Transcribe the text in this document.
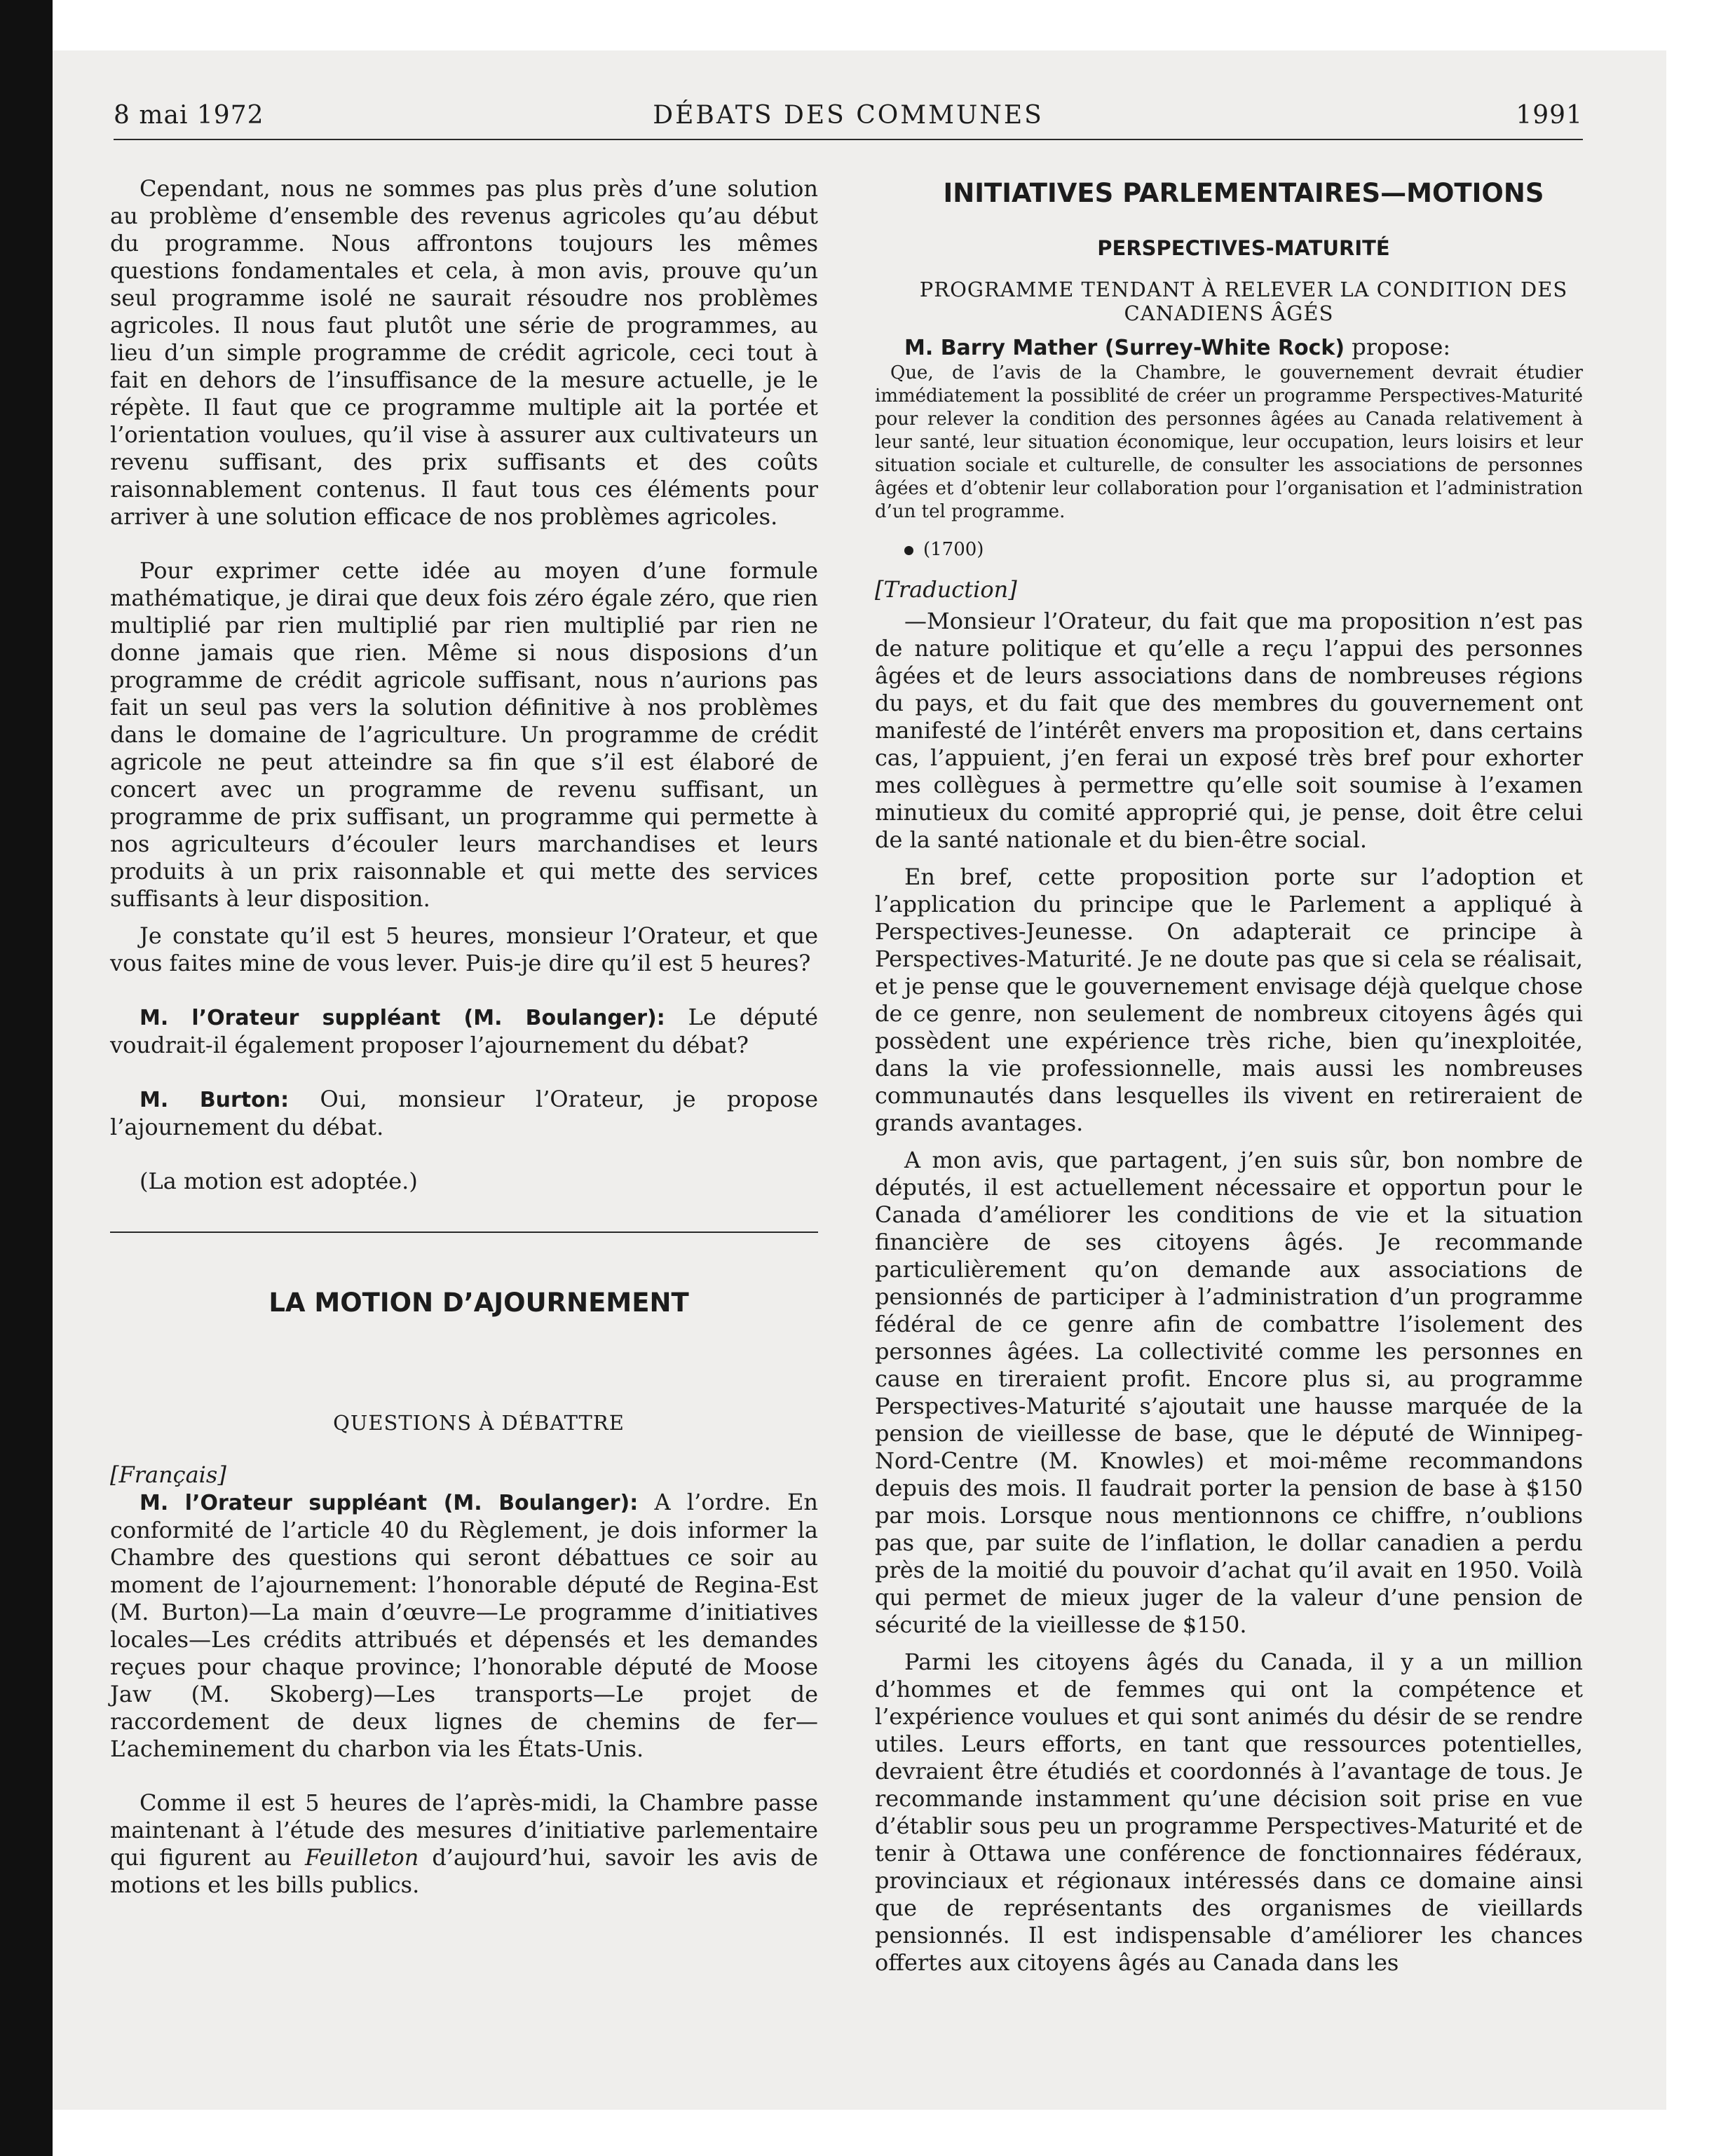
8 mai 1972	DÉBATS DES COMMUNES	1991

Cependant, nous ne sommes pas plus près d’une solution au problème d’ensemble des revenus agricoles qu’au début du programme. Nous affrontons toujours les mêmes questions fondamentales et cela, à mon avis, prouve qu’un seul programme isolé ne saurait résoudre nos problèmes agricoles. Il nous faut plutôt une série de programmes, au lieu d’un simple programme de crédit agricole, ceci tout à fait en dehors de l’insuffisance de la mesure actuelle, je le répète. Il faut que ce programme multiple ait la portée et l’orientation voulues, qu’il vise à assurer aux cultivateurs un revenu suffisant, des prix suffisants et des coûts raisonnablement contenus. Il faut tous ces éléments pour arriver à une solution efficace de nos problèmes agricoles.

Pour exprimer cette idée au moyen d’une formule mathématique, je dirai que deux fois zéro égale zéro, que rien multiplié par rien multiplié par rien multiplié par rien ne donne jamais que rien. Même si nous disposions d’un programme de crédit agricole suffisant, nous n’aurions pas fait un seul pas vers la solution définitive à nos problèmes dans le domaine de l’agriculture. Un programme de crédit agricole ne peut atteindre sa fin que s’il est élaboré de concert avec un programme de revenu suffisant, un programme de prix suffisant, un programme qui permette à nos agriculteurs d’écouler leurs marchandises et leurs produits à un prix raisonnable et qui mette des services suffisants à leur disposition.

Je constate qu’il est 5 heures, monsieur l’Orateur, et que vous faites mine de vous lever. Puis-je dire qu’il est 5 heures?

M. l’Orateur suppléant (M. Boulanger): Le député voudrait-il également proposer l’ajournement du débat?

M. Burton: Oui, monsieur l’Orateur, je propose l’ajournement du débat.

(La motion est adoptée.)

LA MOTION D’AJOURNEMENT

QUESTIONS À DÉBATTRE

[Français]

M. l’Orateur suppléant (M. Boulanger): A l’ordre. En conformité de l’article 40 du Règlement, je dois informer la Chambre des questions qui seront débattues ce soir au moment de l’ajournement: l’honorable député de Regina-Est (M. Burton)—La main d’œuvre—Le programme d’initiatives locales—Les crédits attribués et dépensés et les demandes reçues pour chaque province; l’honorable député de Moose Jaw (M. Skoberg)—Les transports—Le projet de raccordement de deux lignes de chemins de fer—L’acheminement du charbon via les États-Unis.

Comme il est 5 heures de l’après-midi, la Chambre passe maintenant à l’étude des mesures d’initiative parlementaire qui figurent au Feuilleton d’aujourd’hui, savoir les avis de motions et les bills publics.

INITIATIVES PARLEMENTAIRES—MOTIONS

PERSPECTIVES-MATURITÉ

PROGRAMME TENDANT À RELEVER LA CONDITION DES CANADIENS ÂGÉS

M. Barry Mather (Surrey-White Rock) propose:

Que, de l’avis de la Chambre, le gouvernement devrait étudier immédiatement la possiblité de créer un programme Perspectives-Maturité pour relever la condition des personnes âgées au Canada relativement à leur santé, leur situation économique, leur occupation, leurs loisirs et leur situation sociale et culturelle, de consulter les associations de personnes âgées et d’obtenir leur collaboration pour l’organisation et l’administration d’un tel programme.

(1700)

[Traduction]

—Monsieur l’Orateur, du fait que ma proposition n’est pas de nature politique et qu’elle a reçu l’appui des personnes âgées et de leurs associations dans de nombreuses régions du pays, et du fait que des membres du gouvernement ont manifesté de l’intérêt envers ma proposition et, dans certains cas, l’appuient, j’en ferai un exposé très bref pour exhorter mes collègues à permettre qu’elle soit soumise à l’examen minutieux du comité approprié qui, je pense, doit être celui de la santé nationale et du bien-être social.

En bref, cette proposition porte sur l’adoption et l’application du principe que le Parlement a appliqué à Perspectives-Jeunesse. On adapterait ce principe à Perspectives-Maturité. Je ne doute pas que si cela se réalisait, et je pense que le gouvernement envisage déjà quelque chose de ce genre, non seulement de nombreux citoyens âgés qui possèdent une expérience très riche, bien qu’inexploitée, dans la vie professionnelle, mais aussi les nombreuses communautés dans lesquelles ils vivent en retireraient de grands avantages.

A mon avis, que partagent, j’en suis sûr, bon nombre de députés, il est actuellement nécessaire et opportun pour le Canada d’améliorer les conditions de vie et la situation financière de ses citoyens âgés. Je recommande particulièrement qu’on demande aux associations de pensionnés de participer à l’administration d’un programme fédéral de ce genre afin de combattre l’isolement des personnes âgées. La collectivité comme les personnes en cause en tireraient profit. Encore plus si, au programme Perspectives-Maturité s’ajoutait une hausse marquée de la pension de vieillesse de base, que le député de Winnipeg-Nord-Centre (M. Knowles) et moi-même recommandons depuis des mois. Il faudrait porter la pension de base à $150 par mois. Lorsque nous mentionnons ce chiffre, n’oublions pas que, par suite de l’inflation, le dollar canadien a perdu près de la moitié du pouvoir d’achat qu’il avait en 1950. Voilà qui permet de mieux juger de la valeur d’une pension de sécurité de la vieillesse de $150.

Parmi les citoyens âgés du Canada, il y a un million d’hommes et de femmes qui ont la compétence et l’expérience voulues et qui sont animés du désir de se rendre utiles. Leurs efforts, en tant que ressources potentielles, devraient être étudiés et coordonnés à l’avantage de tous. Je recommande instamment qu’une décision soit prise en vue d’établir sous peu un programme Perspectives-Maturité et de tenir à Ottawa une conférence de fonctionnaires fédéraux, provinciaux et régionaux intéressés dans ce domaine ainsi que de représentants des organismes de vieillards pensionnés. Il est indispensable d’améliorer les chances offertes aux citoyens âgés au Canada dans les
